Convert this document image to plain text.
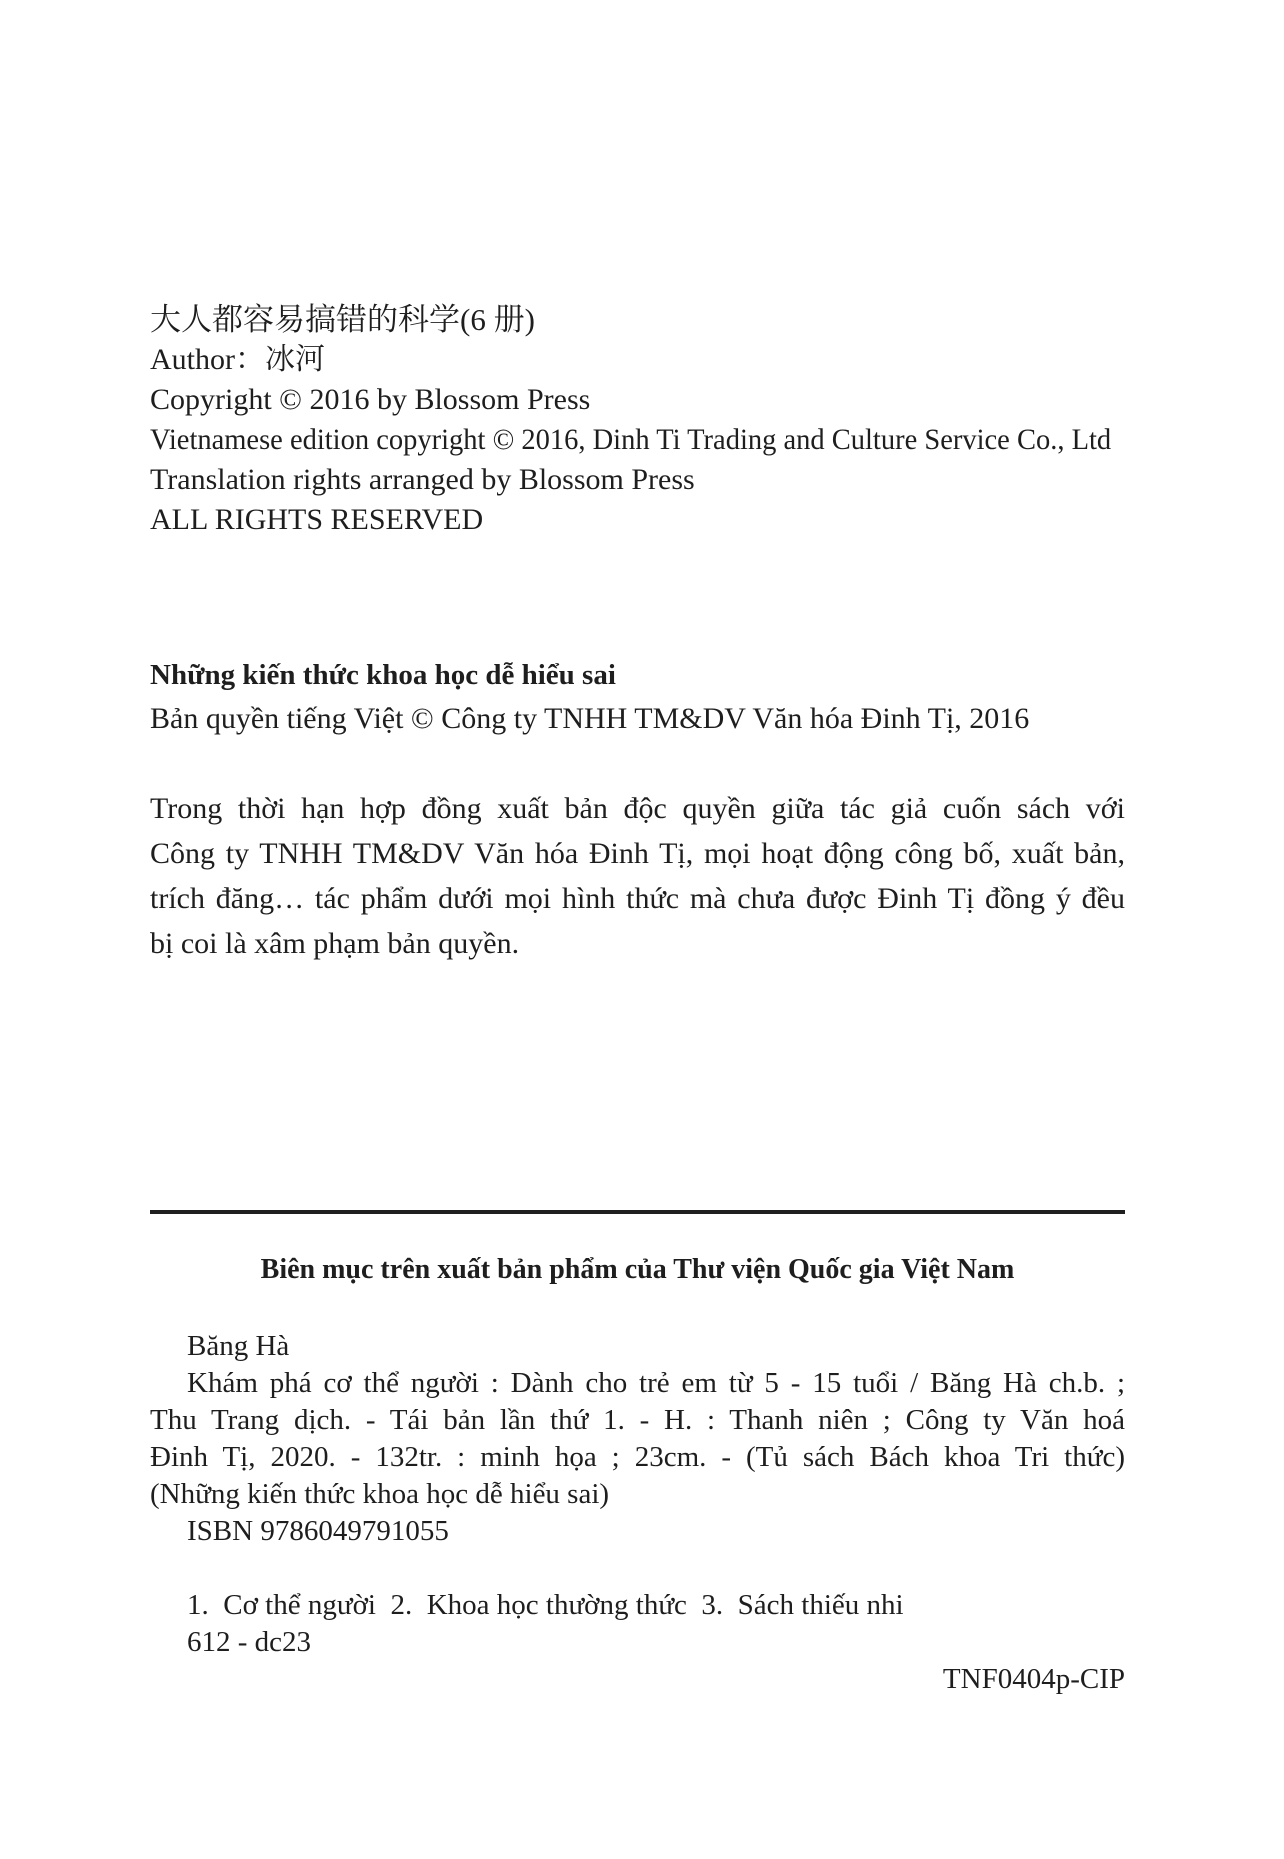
大人都容易搞错的科学(6 册)
Author：冰河
Copyright © 2016 by Blossom Press
Vietnamese edition copyright © 2016, Dinh Ti Trading and Culture Service Co., Ltd
Translation rights arranged by Blossom Press
ALL RIGHTS RESERVED
Những kiến thức khoa học dễ hiểu sai
Bản quyền tiếng Việt © Công ty TNHH TM&DV Văn hóa Đinh Tị, 2016
Trong thời hạn hợp đồng xuất bản độc quyền giữa tác giả cuốn sách với
Công ty TNHH TM&DV Văn hóa Đinh Tị, mọi hoạt động công bố, xuất bản,
trích đăng… tác phẩm dưới mọi hình thức mà chưa được Đinh Tị đồng ý đều
bị coi là xâm phạm bản quyền.
Biên mục trên xuất bản phẩm của Thư viện Quốc gia Việt Nam
Băng Hà
Khám phá cơ thể người : Dành cho trẻ em từ 5 - 15 tuổi / Băng Hà ch.b. ;
Thu Trang dịch. - Tái bản lần thứ 1. - H. : Thanh niên ; Công ty Văn hoá
Đinh Tị, 2020. - 132tr. : minh họa ; 23cm. - (Tủ sách Bách khoa Tri thức)
(Những kiến thức khoa học dễ hiểu sai)
ISBN 9786049791055
1.  Cơ thể người  2.  Khoa học thường thức  3.  Sách thiếu nhi
612 - dc23
TNF0404p-CIP
